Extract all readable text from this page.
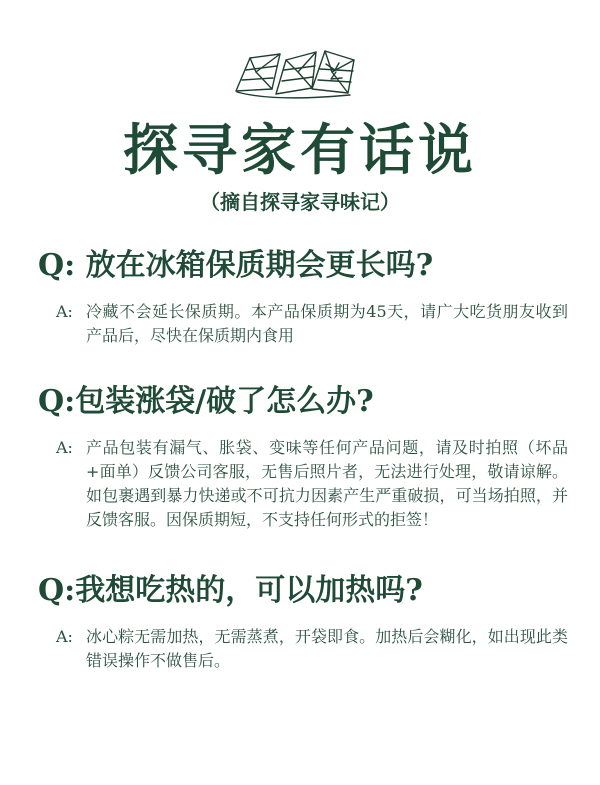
探寻家有话说
（摘自探寻家寻味记）
Q: 放在冰箱保质期会更长吗?
A: 冷藏不会延长保质期。本产品保质期为45天，请广大吃货朋友收到产品后，尽快在保质期内食用
Q:包装涨袋/破了怎么办?
A: 产品包装有漏气、胀袋、变味等任何产品问题，请及时拍照（坏品+面单）反馈公司客服，无售后照片者，无法进行处理，敬请谅解。如包裹遇到暴力快递或不可抗力因素产生严重破损，可当场拍照，并反馈客服。因保质期短，不支持任何形式的拒签！
Q:我想吃热的，可以加热吗?
A: 冰心粽无需加热，无需蒸煮，开袋即食。加热后会糊化，如出现此类错误操作不做售后。
